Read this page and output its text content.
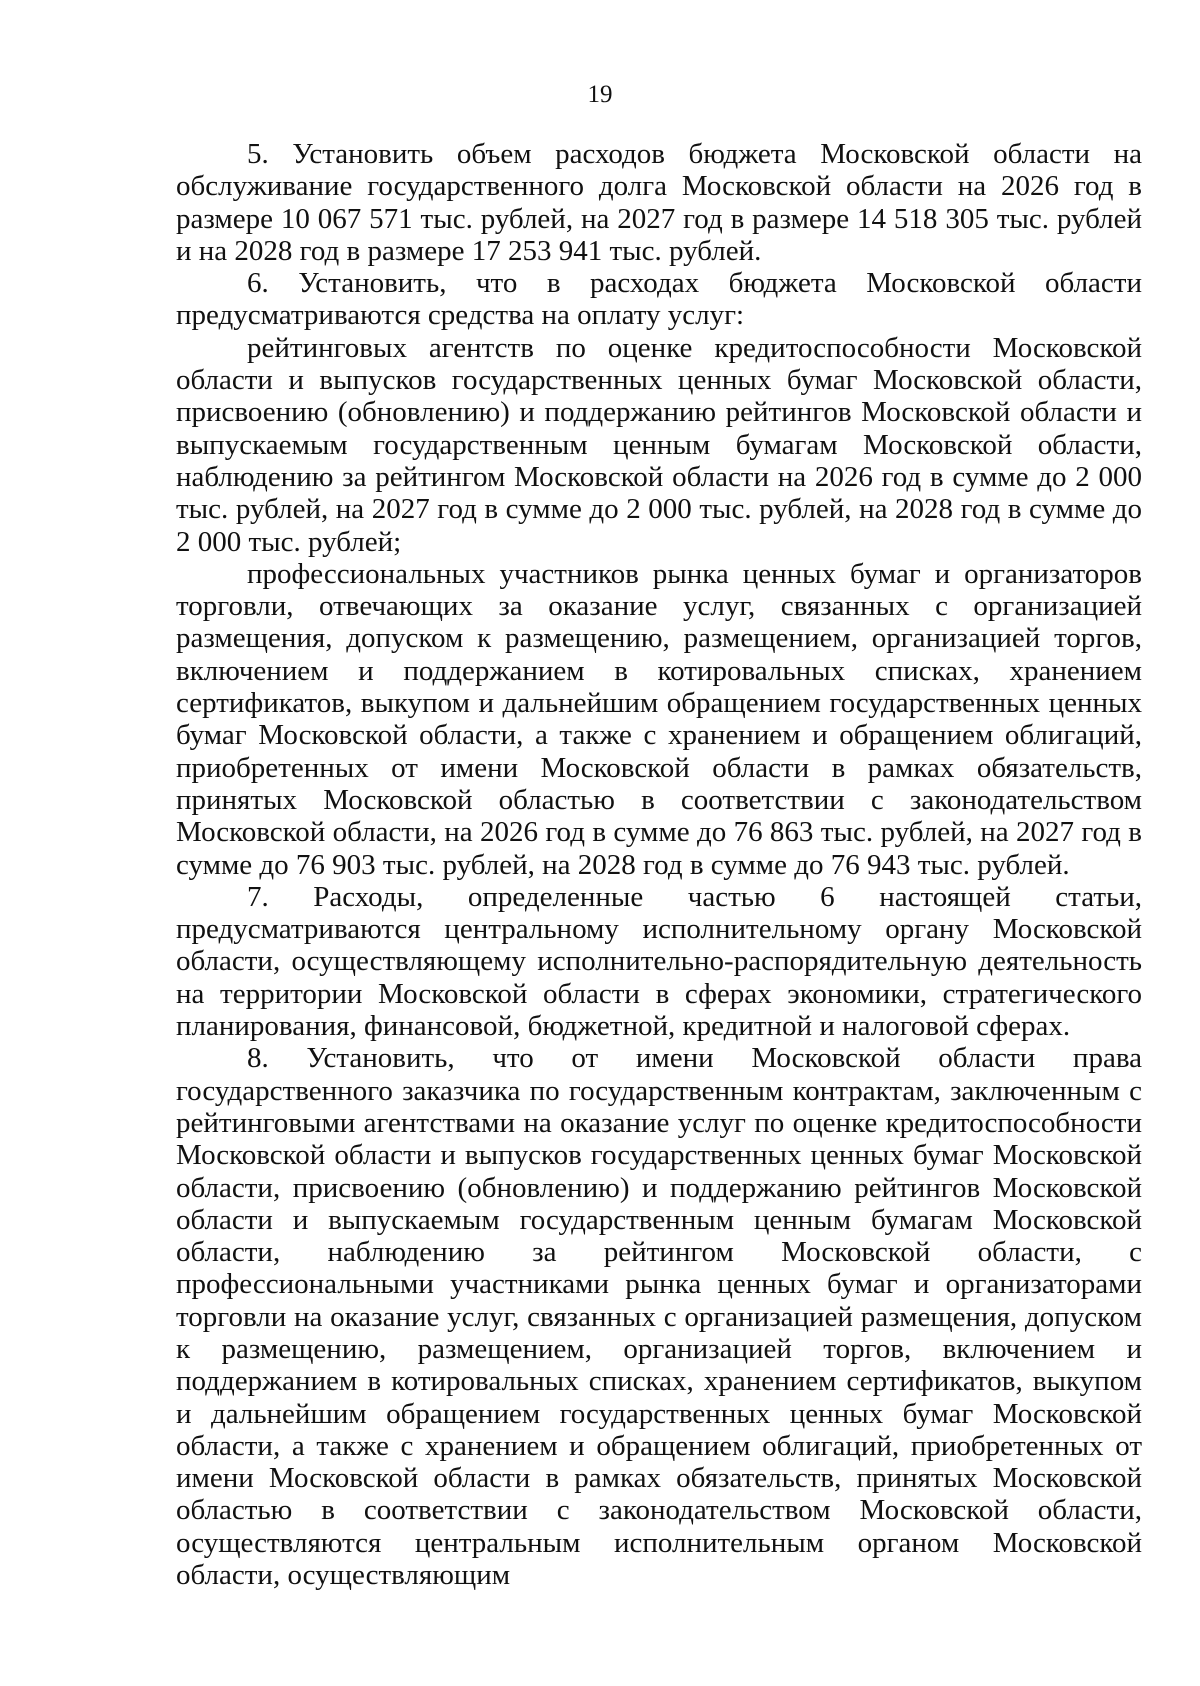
19

5. Установить объем расходов бюджета Московской области на обслуживание государственного долга Московской области на 2026 год в размере 10 067 571 тыс. рублей, на 2027 год в размере 14 518 305 тыс. рублей и на 2028 год в размере 17 253 941 тыс. рублей.

6. Установить, что в расходах бюджета Московской области предусматриваются средства на оплату услуг:

рейтинговых агентств по оценке кредитоспособности Московской области и выпусков государственных ценных бумаг Московской области, присвоению (обновлению) и поддержанию рейтингов Московской области и выпускаемым государственным ценным бумагам Московской области, наблюдению за рейтингом Московской области на 2026 год в сумме до 2 000 тыс. рублей, на 2027 год в сумме до 2 000 тыс. рублей, на 2028 год в сумме до 2 000 тыс. рублей;

профессиональных участников рынка ценных бумаг и организаторов торговли, отвечающих за оказание услуг, связанных с организацией размещения, допуском к размещению, размещением, организацией торгов, включением и поддержанием в котировальных списках, хранением сертификатов, выкупом и дальнейшим обращением государственных ценных бумаг Московской области, а также с хранением и обращением облигаций, приобретенных от имени Московской области в рамках обязательств, принятых Московской областью в соответствии с законодательством Московской области, на 2026 год в сумме до 76 863 тыс. рублей, на 2027 год в сумме до 76 903 тыс. рублей, на 2028 год в сумме до 76 943 тыс. рублей.

7. Расходы, определенные частью 6 настоящей статьи, предусматриваются центральному исполнительному органу Московской области, осуществляющему исполнительно-распорядительную деятельность на территории Московской области в сферах экономики, стратегического планирования, финансовой, бюджетной, кредитной и налоговой сферах.

8. Установить, что от имени Московской области права государственного заказчика по государственным контрактам, заключенным с рейтинговыми агентствами на оказание услуг по оценке кредитоспособности Московской области и выпусков государственных ценных бумаг Московской области, присвоению (обновлению) и поддержанию рейтингов Московской области и выпускаемым государственным ценным бумагам Московской области, наблюдению за рейтингом Московской области, с профессиональными участниками рынка ценных бумаг и организаторами торговли на оказание услуг, связанных с организацией размещения, допуском к размещению, размещением, организацией торгов, включением и поддержанием в котировальных списках, хранением сертификатов, выкупом и дальнейшим обращением государственных ценных бумаг Московской области, а также с хранением и обращением облигаций, приобретенных от имени Московской области в рамках обязательств, принятых Московской областью в соответствии с законодательством Московской области, осуществляются центральным исполнительным органом Московской области, осуществляющим
